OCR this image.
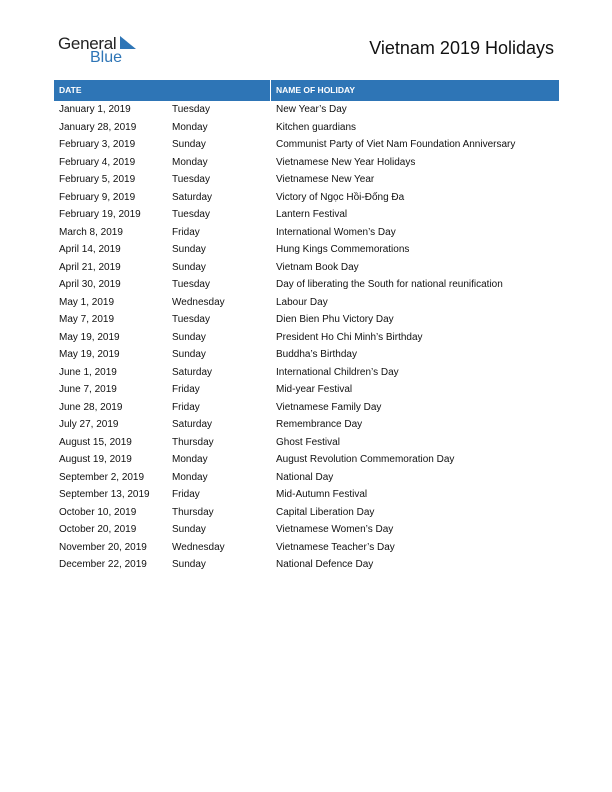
General
Blue	Vietnam 2019 Holidays
DATE	NAME OF HOLIDAY
January 1, 2019	Tuesday	New Year’s Day
January 28, 2019	Monday	Kitchen guardians
February 3, 2019	Sunday	Communist Party of Viet Nam Foundation Anniversary
February 4, 2019	Monday	Vietnamese New Year Holidays
February 5, 2019	Tuesday	Vietnamese New Year
February 9, 2019	Saturday	Victory of Ngọc Hồi-Đống Đa
February 19, 2019	Tuesday	Lantern Festival
March 8, 2019	Friday	International Women’s Day
April 14, 2019	Sunday	Hung Kings Commemorations
April 21, 2019	Sunday	Vietnam Book Day
April 30, 2019	Tuesday	Day of liberating the South for national reunification
May 1, 2019	Wednesday	Labour Day
May 7, 2019	Tuesday	Dien Bien Phu Victory Day
May 19, 2019	Sunday	President Ho Chi Minh’s Birthday
May 19, 2019	Sunday	Buddha’s Birthday
June 1, 2019	Saturday	International Children’s Day
June 7, 2019	Friday	Mid-year Festival
June 28, 2019	Friday	Vietnamese Family Day
July 27, 2019	Saturday	Remembrance Day
August 15, 2019	Thursday	Ghost Festival
August 19, 2019	Monday	August Revolution Commemoration Day
September 2, 2019	Monday	National Day
September 13, 2019 Friday	Mid-Autumn Festival
October 10, 2019	Thursday	Capital Liberation Day
October 20, 2019	Sunday	Vietnamese Women’s Day
November 20, 2019	Wednesday	Vietnamese Teacher’s Day
December 22, 2019	Sunday	National Defence Day
